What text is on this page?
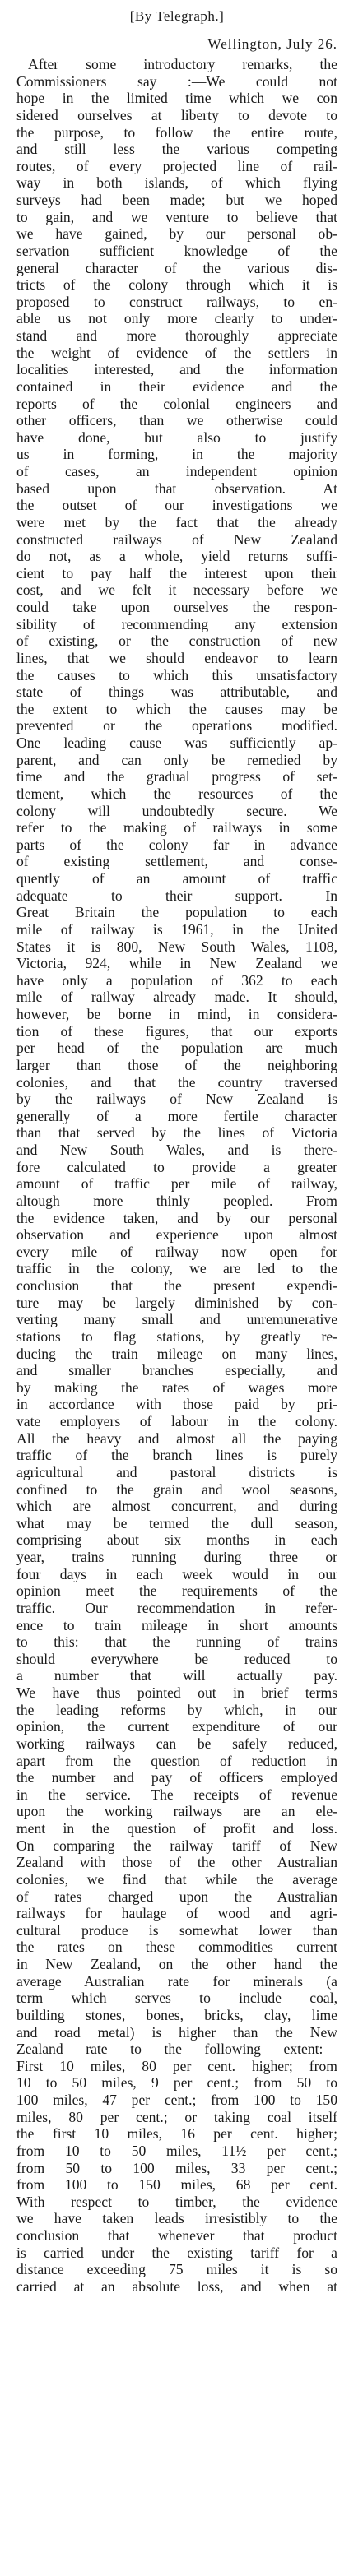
[By Telegraph.]
Wellington, July 26.
After some introductory remarks, the
Commissioners say :—We could not
hope in the limited time which we con
sidered ourselves at liberty to devote to
the purpose, to follow the entire route,
and still less the various competing
routes, of every projected line of rail-
way in both islands, of which flying
surveys had been made; but we hoped
to gain, and we venture to believe that
we have gained, by our personal ob-
servation sufficient knowledge of the
general character of the various dis-
tricts of the colony through which it is
proposed to construct railways, to en-
able us not only more clearly to under-
stand and more thoroughly appreciate
the weight of evidence of the settlers in
localities interested, and the information
contained in their evidence and the
reports of the colonial engineers and
other officers, than we otherwise could
have done, but also to justify
us in forming, in the majority
of cases, an independent opinion
based upon that observation. At
the outset of our investigations we
were met by the fact that the already
constructed railways of New Zealand
do not, as a whole, yield returns suffi-
cient to pay half the interest upon their
cost, and we felt it necessary before we
could take upon ourselves the respon-
sibility of recommending any extension
of existing, or the construction of new
lines, that we should endeavor to learn
the causes to which this unsatisfactory
state of things was attributable, and
the extent to which the causes may be
prevented or the operations modified.
One leading cause was sufficiently ap-
parent, and can only be remedied by
time and the gradual progress of set-
tlement, which the resources of the
colony will undoubtedly secure. We
refer to the making of railways in some
parts of the colony far in advance
of existing settlement, and conse-
quently of an amount of traffic
adequate to their support. In
Great Britain the population to each
mile of railway is 1961, in the United
States it is 800, New South Wales, 1108,
Victoria, 924, while in New Zealand we
have only a population of 362 to each
mile of railway already made. It should,
however, be borne in mind, in considera-
tion of these figures, that our exports
per head of the population are much
larger than those of the neighboring
colonies, and that the country traversed
by the railways of New Zealand is
generally of a more fertile character
than that served by the lines of Victoria
and New South Wales, and is there-
fore calculated to provide a greater
amount of traffic per mile of railway,
altough more thinly peopled. From
the evidence taken, and by our personal
observation and experience upon almost
every mile of railway now open for
traffic in the colony, we are led to the
conclusion that the present expendi-
ture may be largely diminished by con-
verting many small and unremunerative
stations to flag stations, by greatly re-
ducing the train mileage on many lines,
and smaller branches especially, and
by making the rates of wages more
in accordance with those paid by pri-
vate employers of labour in the colony.
All the heavy and almost all the paying
traffic of the branch lines is purely
agricultural and pastoral districts is
confined to the grain and wool seasons,
which are almost concurrent, and during
what may be termed the dull season,
comprising about six months in each
year, trains running during three or
four days in each week would in our
opinion meet the requirements of the
traffic. Our recommendation in refer-
ence to train mileage in short amounts
to this: that the running of trains
should everywhere be reduced to
a number that will actually pay.
We have thus pointed out in brief terms
the leading reforms by which, in our
opinion, the current expenditure of our
working railways can be safely reduced,
apart from the question of reduction in
the number and pay of officers employed
in the service. The receipts of revenue
upon the working railways are an ele-
ment in the question of profit and loss.
On comparing the railway tariff of New
Zealand with those of the other Australian
colonies, we find that while the average
of rates charged upon the Australian
railways for haulage of wood and agri-
cultural produce is somewhat lower than
the rates on these commodities current
in New Zealand, on the other hand the
average Australian rate for minerals (a
term which serves to include coal,
building stones, bones, bricks, clay, lime
and road metal) is higher than the New
Zealand rate to the following extent:—
First 10 miles, 80 per cent. higher; from
10 to 50 miles, 9 per cent.; from 50 to
100 miles, 47 per cent.; from 100 to 150
miles, 80 per cent.; or taking coal itself
the first 10 miles, 16 per cent. higher;
from 10 to 50 miles, 11½ per cent.;
from 50 to 100 miles, 33 per cent.;
from 100 to 150 miles, 68 per cent.
With respect to timber, the evidence
we have taken leads irresistibly to the
conclusion that whenever that product
is carried under the existing tariff for a
distance exceeding 75 miles it is so
carried at an absolute loss, and when at
